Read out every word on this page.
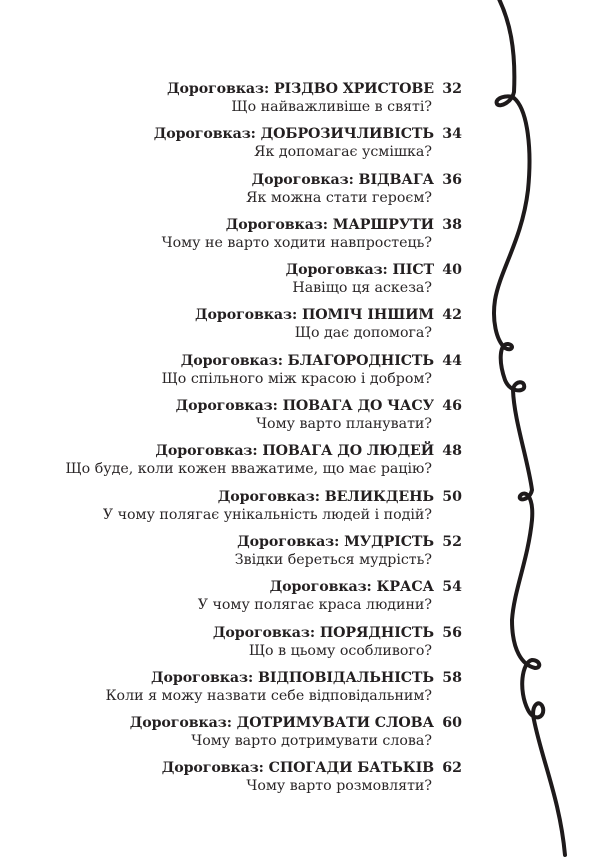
Дороговказ: РІЗДВО ХРИСТОВЕ 32
Що найважливіше в святі?
Дороговказ: ДОБРОЗИЧЛИВІСТЬ 34
Як допомагає усмішка?
Дороговказ: ВІДВАГА 36
Як можна стати героєм?
Дороговказ: МАРШРУТИ 38
Чому не варто ходити навпростець?
Дороговказ: ПІСТ 40
Навіщо ця аскеза?
Дороговказ: ПОМІЧ ІНШИМ 42
Що дає допомога?
Дороговказ: БЛАГОРОДНІСТЬ 44
Що спільного між красою і добром?
Дороговказ: ПОВАГА ДО ЧАСУ 46
Чому варто планувати?
Дороговказ: ПОВАГА ДО ЛЮДЕЙ 48
Що буде, коли кожен вважатиме, що має рацію?
Дороговказ: ВЕЛИКДЕНЬ 50
У чому полягає унікальність людей і подій?
Дороговказ: МУДРІСТЬ 52
Звідки береться мудрість?
Дороговказ: КРАСА 54
У чому полягає краса людини?
Дороговказ: ПОРЯДНІСТЬ 56
Що в цьому особливого?
Дороговказ: ВІДПОВІДАЛЬНІСТЬ 58
Коли я можу назвати себе відповідальним?
Дороговказ: ДОТРИМУВАТИ СЛОВА 60
Чому варто дотримувати слова?
Дороговказ: СПОГАДИ БАТЬКІВ 62
Чому варто розмовляти?
